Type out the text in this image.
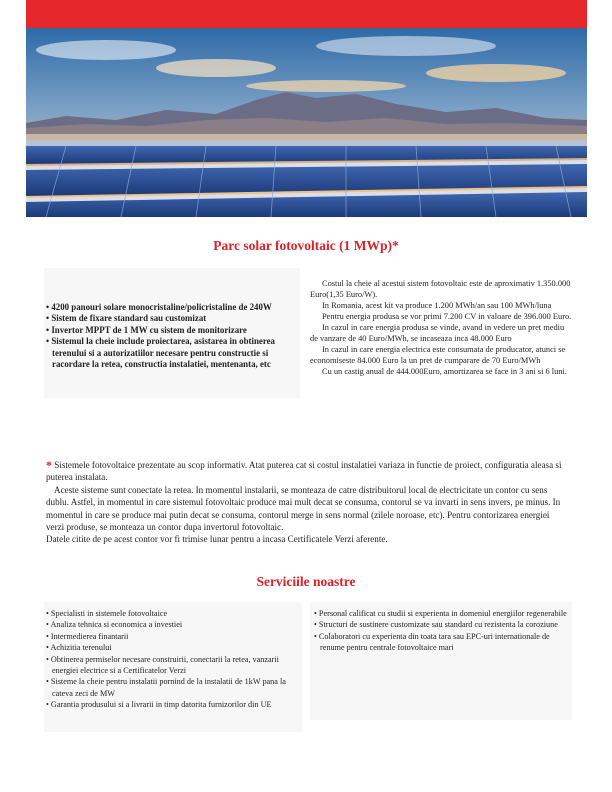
Parc solar fotovoltaic (1 MWp)*
• 4200 panouri solare monocristaline/policristaline de 240W
• Sistem de fixare standard sau customizat
• Invertor MPPT de 1 MW cu sistem de monitorizare
• Sistemul la cheie include proiectarea, asistarea in obtinerea terenului si a autorizatiilor necesare pentru constructie si racordare la retea, constructia instalatiei, mentenanta, etc

Costul la cheie al acestui sistem fotovoltaic este de aproximativ 1.350.000 Euro(1,35 Euro/W).

In Romania, acest kit va produce 1.200 MWh/an sau 100 MWh/luna

Pentru energia produsa se vor primi 7.200 CV in valoare de 396.000 Euro.

In cazul in care energia produsa se vinde, avand in vedere un pret mediu de vanzare de 40 Euro/MWh, se incaseaza inca 48.000 Euro

In cazul in care energia electrica este consumata de producator, atunci se economiseste 84.000 Euro la un pret de cumparare de 70 Euro/MWh

Cu un castig anual de 444.000Euro, amortizarea se face in 3 ani si 6 luni.

* Sistemele fotovoltaice prezentate au scop informativ. Atat puterea cat si costul instalatiei variaza in functie de proiect, configuratia aleasa si puterea instalata.

Aceste sisteme sunt conectate la retea. In momentul instalarii, se monteaza de catre distribuitorul local de electricitate un contor cu sens dublu. Astfel, in momentul in care sistemul fotovoltaic produce mai mult decat se consuma, contorul se va invarti in sens invers, pe minus. In momentul in care se produce mai putin decat se consuma, contorul merge in sens normal (zilele noroase, etc). Pentru contorizarea energiei verzi produse, se monteaza un contor dupa invertorul fotovoltaic.

Datele citite de pe acest contor vor fi trimise lunar pentru a incasa Certificatele Verzi aferente.

Serviciile noastre
• Specialisti in sistemele fotovoltaice
• Analiza tehnica si economica a investiei
• Intermedierea finantarii
• Achizitia terenului
• Obtinerea permiselor necesare construirii, conectarii la retea, vanzarii energiei electrice si a Certificatelor Verzi
• Sisteme la cheie pentru instalatii pornind de la instalatii de 1kW pana la cateva zeci de MW
• Garantia produsului si a livrarii in timp datorita furnizorilor din UE
• Personal calificat cu studii si experienta in domeniul energiilor regenerabile
• Structuri de sustinere customizate sau standard cu rezistenta la coroziune
• Colaboratori cu experienta din toata tara sau EPC-uri internationale de renume pentru centrale fotovoltaice mari
